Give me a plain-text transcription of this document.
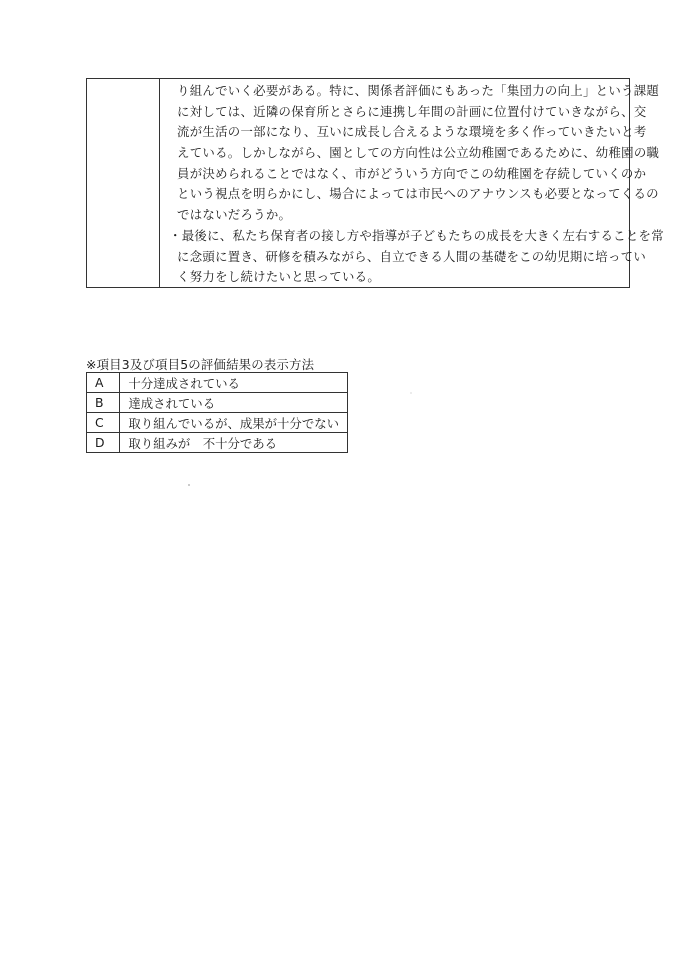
り組んでいく必要がある。特に、関係者評価にもあった「集団力の向上」という課題
に対しては、近隣の保育所とさらに連携し年間の計画に位置付けていきながら、交
流が生活の一部になり、互いに成長し合えるような環境を多く作っていきたいと考
えている。しかしながら、園としての方向性は公立幼稚園であるために、幼稚園の職
員が決められることではなく、市がどういう方向でこの幼稚園を存続していくのか
という視点を明らかにし、場合によっては市民へのアナウンスも必要となってくるの
ではないだろうか。
・最後に、私たち保育者の接し方や指導が子どもたちの成長を大きく左右することを常
に念頭に置き、研修を積みながら、自立できる人間の基礎をこの幼児期に培ってい
く努力をし続けたいと思っている。
※項目3及び項目5の評価結果の表示方法
A	十分達成されている
B	達成されている
C	取り組んでいるが、成果が十分でない
D	取り組みが　不十分である
